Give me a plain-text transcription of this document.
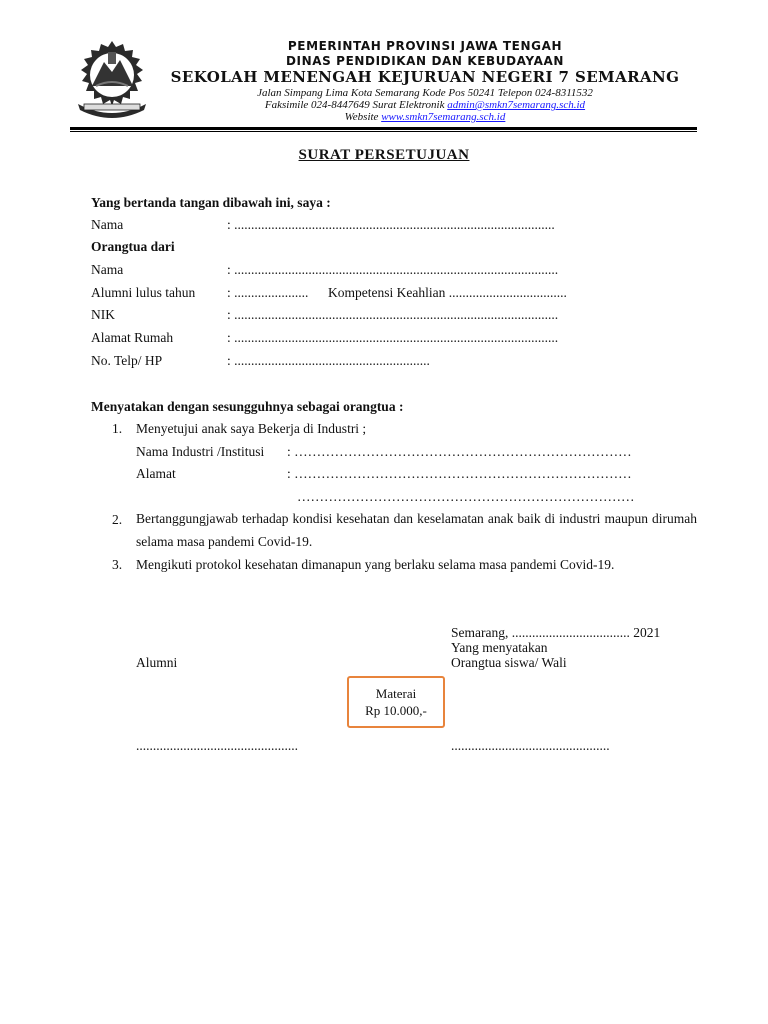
PEMERINTAH PROVINSI JAWA TENGAH
DINAS PENDIDIKAN DAN KEBUDAYAAN
SEKOLAH MENENGAH KEJURUAN NEGERI 7 SEMARANG
Jalan Simpang Lima Kota Semarang Kode Pos 50241 Telepon 024-8311532
Faksimile 024-8447649 Surat Elektronik admin@smkn7semarang.sch.id
Website www.smkn7semarang.sch.id
SURAT PERSETUJUAN
Yang bertanda tangan dibawah ini, saya :
Nama	: ...............................................................................................
Orangtua dari
Nama	: ................................................................................................
Alumni lulus tahun : ...................... Kompetensi Keahlian ...................................
NIK	: ................................................................................................
Alamat Rumah	: ................................................................................................
No. Telp/ HP	: ..........................................................
Menyatakan dengan sesungguhnya sebagai orangtua :
1. Menyetujui anak saya Bekerja di Industri ;
Nama Industri /Institusi : …………………………………………………………………
Alamat	: …………………………………………………………………
…………………………………………………………………
2. Bertanggungjawab terhadap kondisi kesehatan dan keselamatan anak baik di industri maupun dirumah selama masa pandemi Covid-19.
3. Mengikuti protokol kesehatan dimanapun yang berlaku selama masa pandemi Covid-19.
Semarang, ................................... 2021
Yang menyatakan
Orangtua siswa/ Wali
Alumni
Materai
Rp 10.000,-
................................................	...............................................
